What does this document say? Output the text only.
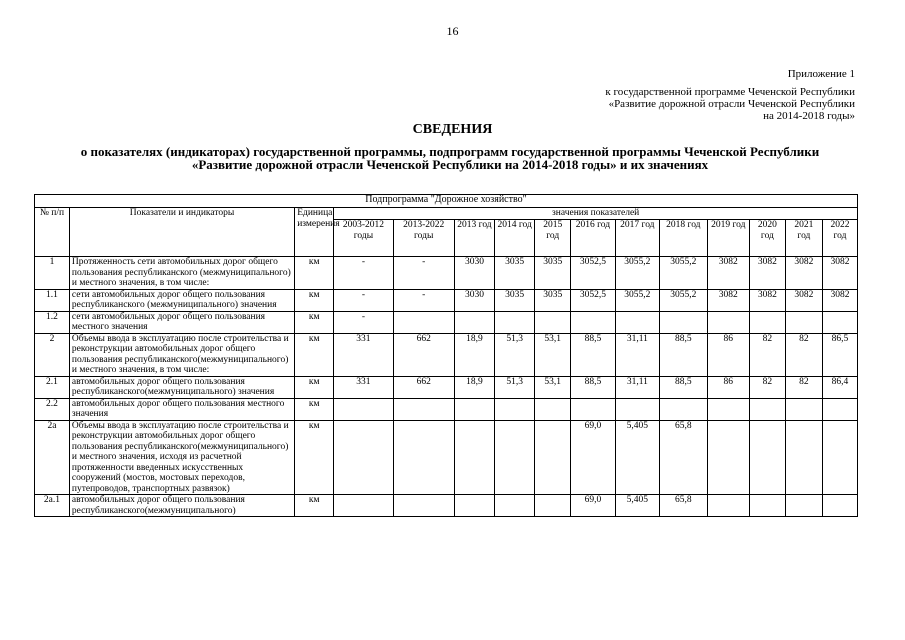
16
Приложение 1
к государственной программе Чеченской Республики
«Развитие дорожной отрасли Чеченской Республики
на 2014-2018 годы»
СВЕДЕНИЯ
о показателях (индикаторах) государственной программы, подпрограмм государственной программы Чеченской Республики «Развитие дорожной отрасли Чеченской Республики на 2014-2018 годы» и их значениях
Подпрограмма "Дорожное хозяйство"														
№ п/п	Показатели и индикаторы	Единица измерения	значения показателей											
			2003-2012 годы	2013-2022 годы	2013 год	2014 год	2015 год	2016 год	2017 год	2018 год	2019 год	2020 год	2021 год	2022 год
1	Протяженность сети автомобильных дорог общего пользования республиканского (межмуниципального) и местного значения, в том числе:	км	-	-	3030	3035	3035	3052,5	3055,2	3055,2	3082	3082	3082	3082
1.1	сети автомобильных дорог общего пользования республиканского (межмуниципального) значения	км	-	-	3030	3035	3035	3052,5	3055,2	3055,2	3082	3082	3082	3082
1.2	сети автомобильных дорог общего пользования местного значения	км	-											
2	Объемы ввода в эксплуатацию после строительства и реконструкции автомобильных дорог общего пользования республиканского(межмуниципального) и местного значения, в том числе:	км	331	662	18,9	51,3	53,1	88,5	31,11	88,5	86	82	82	86,5
2.1	автомобильных дорог общего пользования республиканского(межмуниципального) значения	км	331	662	18,9	51,3	53,1	88,5	31,11	88,5	86	82	82	86,4
2.2	автомобильных дорог общего пользования местного значения	км												
2а	Объемы ввода в эксплуатацию после строительства и реконструкции автомобильных дорог общего пользования республиканского(межмуниципального) и местного значения, исходя из расчетной протяженности введенных искусственных сооружений (мостов, мостовых переходов, путепроводов, транспортных развязок)	км						69,0	5,405	65,8				
2а.1	автомобильных дорог общего пользования республиканского(межмуниципального)	км						69,0	5,405	65,8				
